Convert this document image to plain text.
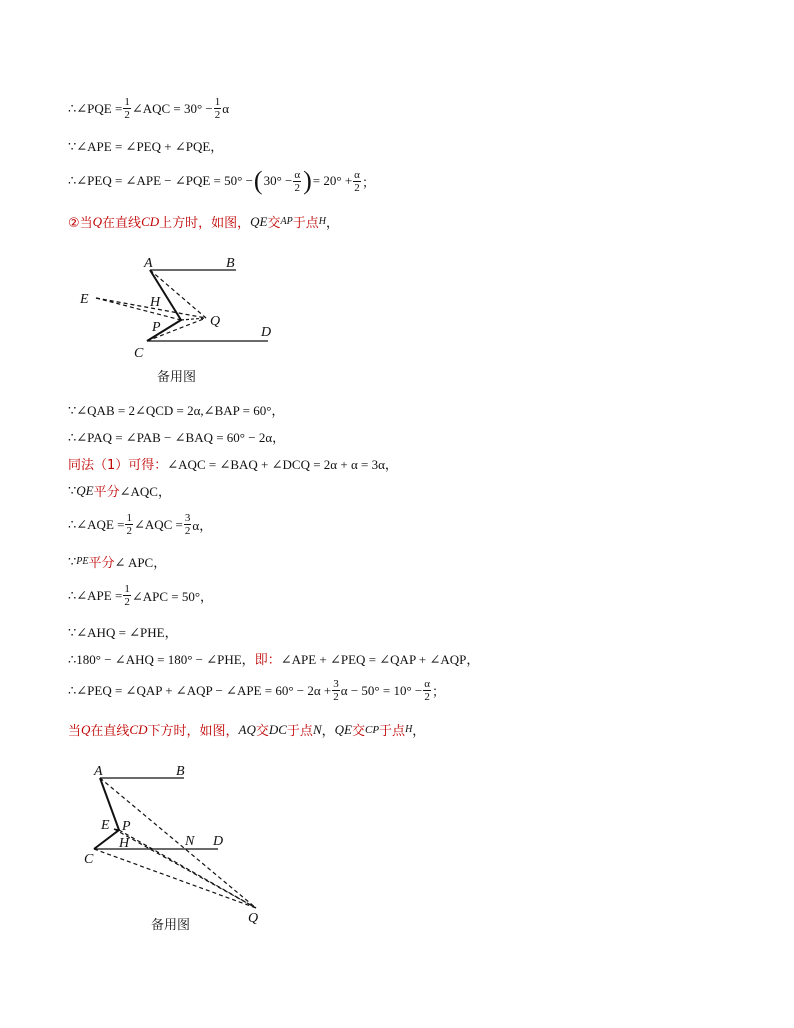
∴∠PQE = $\frac{1}{2}$ ∠AQC = $30^\circ - \frac{1}{2}$ α
∵∠APE = ∠PEQ + ∠PQE，
∴∠PEQ = ∠APE − ∠PQE = 50° − ( $30^\circ - \frac{\alpha}{2}$ ) = $20^\circ + \frac{\alpha}{2}$ ；
②当 Q 在直线 CD 上方时，如图， QE 交 AP 于点 H ，
A	B
E	H
P	Q
D
C
备用图
∵∠QAB = 2∠QCD = 2α,∠BAP = 60°，
∴∠PAQ = ∠PAB − ∠BAQ = 60° − 2α，
同法（1）可得： ∠AQC = ∠BAQ + ∠DCQ = 2α + α = 3α，
∵ QE 平分 ∠AQC，
∴∠AQE = $\frac{1}{2}$ ∠AQC = $\frac{3}{2}$ α，
∵ PE 平分 ∠ APC，
∴∠APE = $\frac{1}{2}$ ∠APC = 50°，
∵∠AHQ = ∠PHE，
∴180° − ∠AHQ = 180° − ∠PHE， 即： ∠APE + ∠PEQ = ∠QAP + ∠AQP，
∴∠PEQ = ∠QAP + ∠AQP − ∠APE = $60^\circ - 2\alpha + \frac{3}{2}$ $\alpha - 50^\circ = 10^\circ - \frac{\alpha}{2}$ ；
当 Q 在直线 CD 下方时，如图， AQ 交 DC 于点 N ， QE 交 CP 于点 H ，
A	B
E P
H	N D
C
Q
备用图
